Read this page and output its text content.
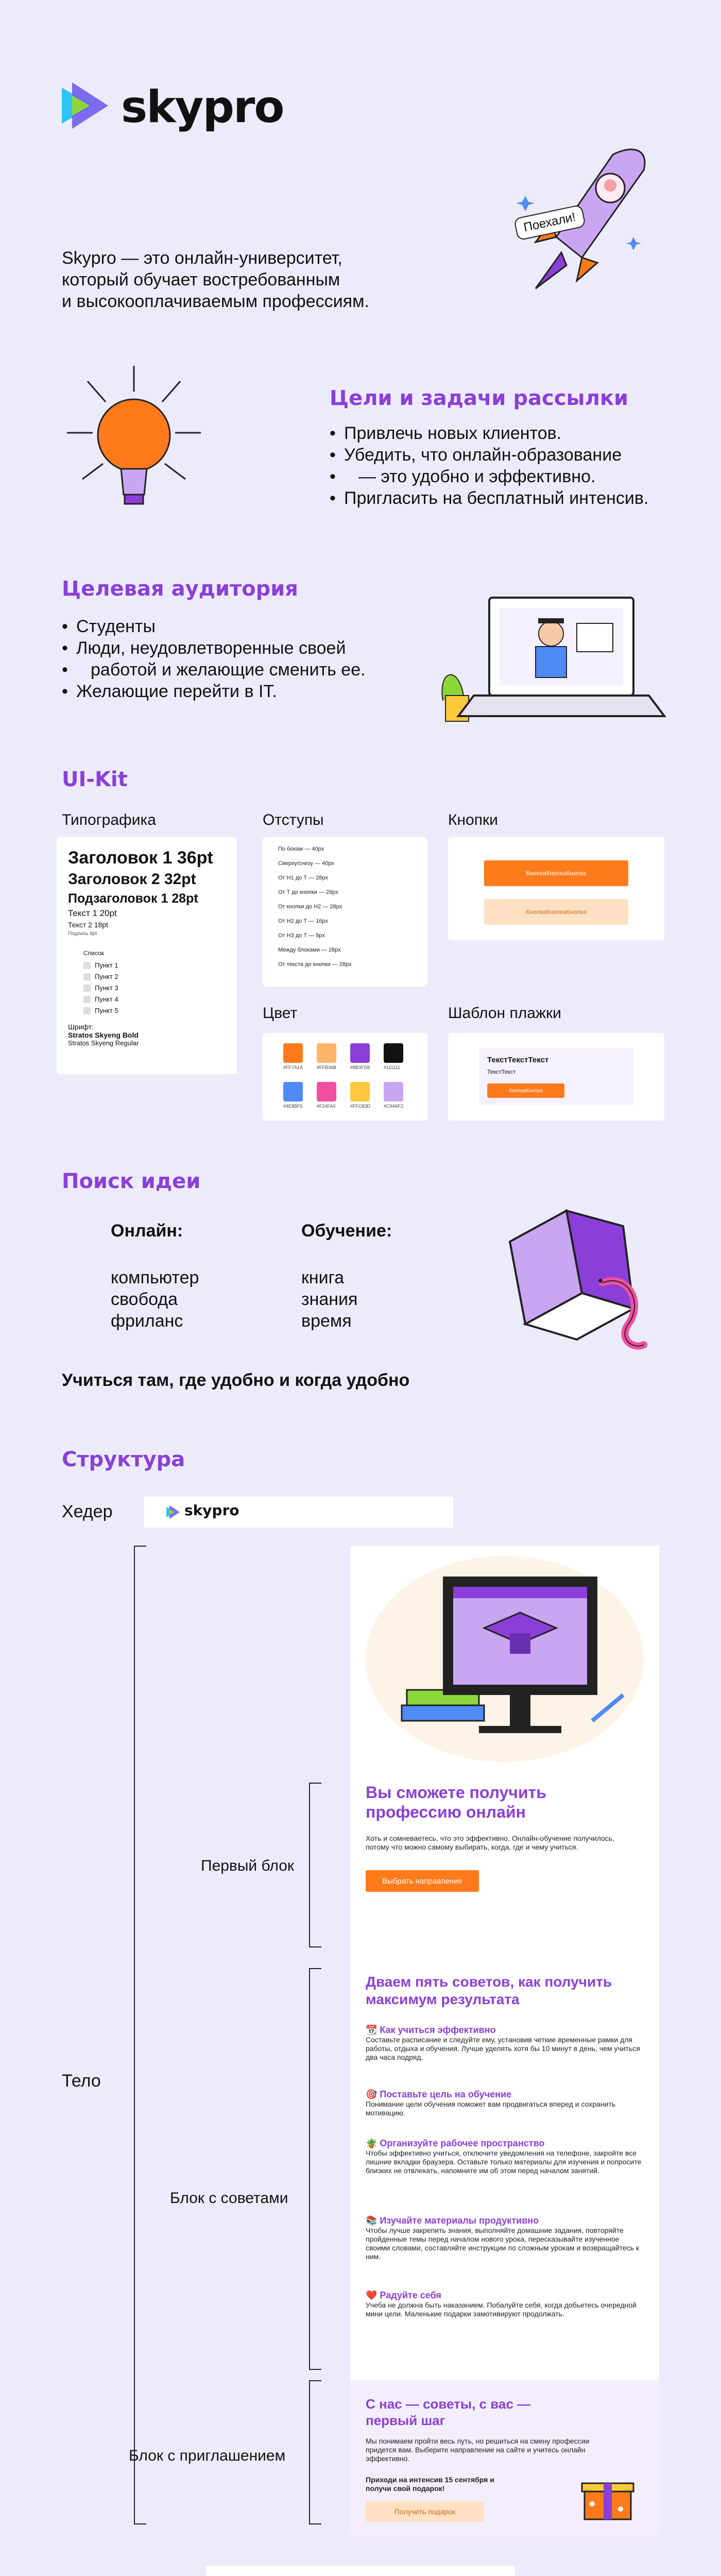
skypro
Поехали!
Skypro — это онлайн-университет,
который обучает востребованным
и высокооплачиваемым профессиям.
Цели и задачи рассылки
• Привлечь новых клиентов.
• Убедить, что онлайн-образование
• — это удобно и эффективно.
• Пригласить на бесплатный интенсив.
Целевая аудитория
• Студенты
• Люди, неудовлетворенные своей
• работой и желающие сменить ее.
• Желающие перейти в IT.
UI-Kit
Типографика	Отступы	Кнопки
Заголовок 1 36pt
Заголовок 2 32pt
Подзаголовок 1 28pt
Текст 1 20pt
Текст 2 18pt
Подпись 8pt
Список
Пункт 1
Пункт 2
Пункт 3
Пункт 4
Пункт 5
Шрифт:
Stratos Skyeng Bold
Stratos Skyeng Regular
По бокам — 40px
Сверху/снизу — 40px
От H1 до Т — 28px
От Т до кнопки — 28px
От кнопки до H2 — 28px
От H2 до Т — 16px
От H3 до Т — 8px
Между блоками — 28px
От текста до кнопки — 28px
КнопкаКнопкаКнопка
КнопкаКнопкаКнопка
Цвет	Шаблон плажки
#FF7A1A	#FFB36B	#8B3FD8	#111111
#4E8BF5	#F24FA0	#FFC83D	#C9A6F2
ТекстТекстТекст
ТекстТекст
КнопкаКнопка
Поиск идеи
Онлайн:
компьютер
свобода
фриланс
Обучение:
книга
знания
время
Учиться там, где удобно и когда удобно
Структура
Хедер	skypro
Тело
Первый блок
Блок с советами
Блок с приглашением
Вы сможете получить профессию онлайн
Хоть и сомневаетесь, что это эффективно. Онлайн-обучение получилось, потому что можно самому выбирать, когда, где и чему учиться.
Выбрать направление
Дваем пять советов, как получить максимум результата
📆 Как учиться эффективно
Составьте расписание и следуйте ему, установив четкие временные рамки для работы, отдыха и обучения. Лучше уделять хотя бы 10 минут в день, чем учиться два часа подряд.
🎯 Поставьте цель на обучение
Понимание цели обучения поможет вам продвигаться вперед и сохранить мотивацию.
🪴 Организуйте рабочее пространство
Чтобы эффективно учиться, отключите уведомления на телефоне, закройте все лишние вкладки браузера. Оставьте только материалы для изучения и попросите близких не отвлекать, напомните им об этом перед началом занятий.
📚 Изучайте материалы продуктивно
Чтобы лучше закрепить знания, выполняйте домашние задания, повторяйте пройденные темы перед началом нового урока, пересказывайте изученное своими словами, составляйте инструкции по сложным урокам и возвращайтесь к ним.
❤️ Радуйте себя
Учеба не должна быть наказанием. Побалуйте себя, когда добьетесь очередной мини цели. Маленькие подарки замотивируют продолжать.
С нас — советы, с вас — первый шаг
Мы понимаем пройти весь путь, но решиться на смену профессии придется вам. Выберите направление на сайте и учитесь онлайн эффективно.
Приходи на интенсив 15 сентября и получи свой подарок!
Получить подарок
